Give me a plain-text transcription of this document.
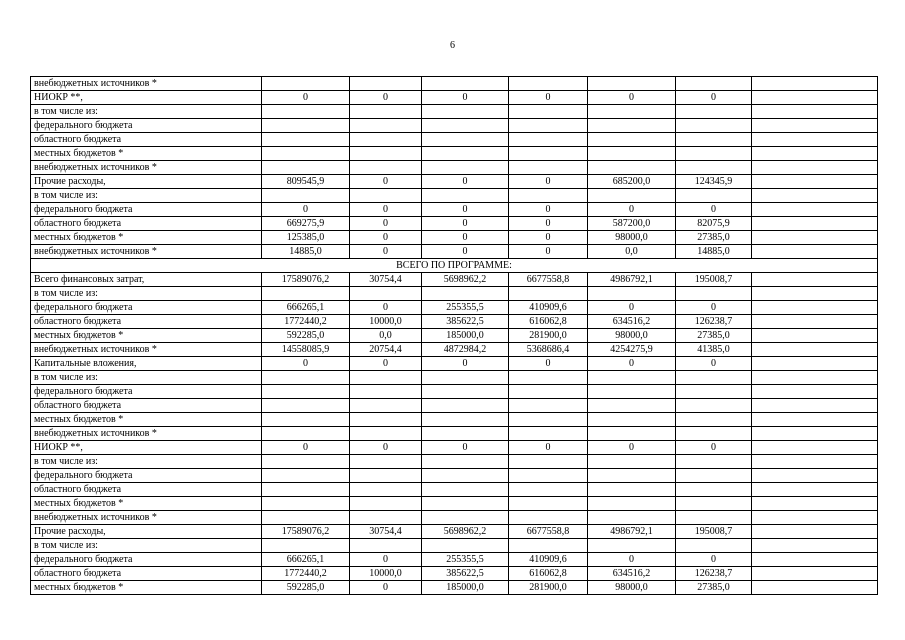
6
внебюджетных источников *							
НИОКР **,	0	0	0	0	0	0	
в том числе из:							
федерального бюджета							
областного бюджета							
местных бюджетов *							
внебюджетных источников *							
Прочие расходы,	809545,9	0	0	0	685200,0	124345,9	
в том числе из:							
федерального бюджета	0	0	0	0	0	0	
областного бюджета	669275,9	0	0	0	587200,0	82075,9	
местных бюджетов *	125385,0	0	0	0	98000,0	27385,0	
внебюджетных источников *	14885,0	0	0	0	0,0	14885,0	
ВСЕГО ПО ПРОГРАММЕ:							
Всего финансовых затрат,	17589076,2	30754,4	5698962,2	6677558,8	4986792,1	195008,7	
в том числе из:							
федерального бюджета	666265,1	0	255355,5	410909,6	0	0	
областного бюджета	1772440,2	10000,0	385622,5	616062,8	634516,2	126238,7	
местных бюджетов *	592285,0	0,0	185000,0	281900,0	98000,0	27385,0	
внебюджетных источников *	14558085,9	20754,4	4872984,2	5368686,4	4254275,9	41385,0	
Капитальные вложения,	0	0	0	0	0	0	
в том числе из:							
федерального бюджета							
областного бюджета							
местных бюджетов *							
внебюджетных источников *							
НИОКР **,	0	0	0	0	0	0	
в том числе из:							
федерального бюджета							
областного бюджета							
местных бюджетов *							
внебюджетных источников *							
Прочие расходы,	17589076,2	30754,4	5698962,2	6677558,8	4986792,1	195008,7	
в том числе из:							
федерального бюджета	666265,1	0	255355,5	410909,6	0	0	
областного бюджета	1772440,2	10000,0	385622,5	616062,8	634516,2	126238,7	
местных бюджетов *	592285,0	0	185000,0	281900,0	98000,0	27385,0	
